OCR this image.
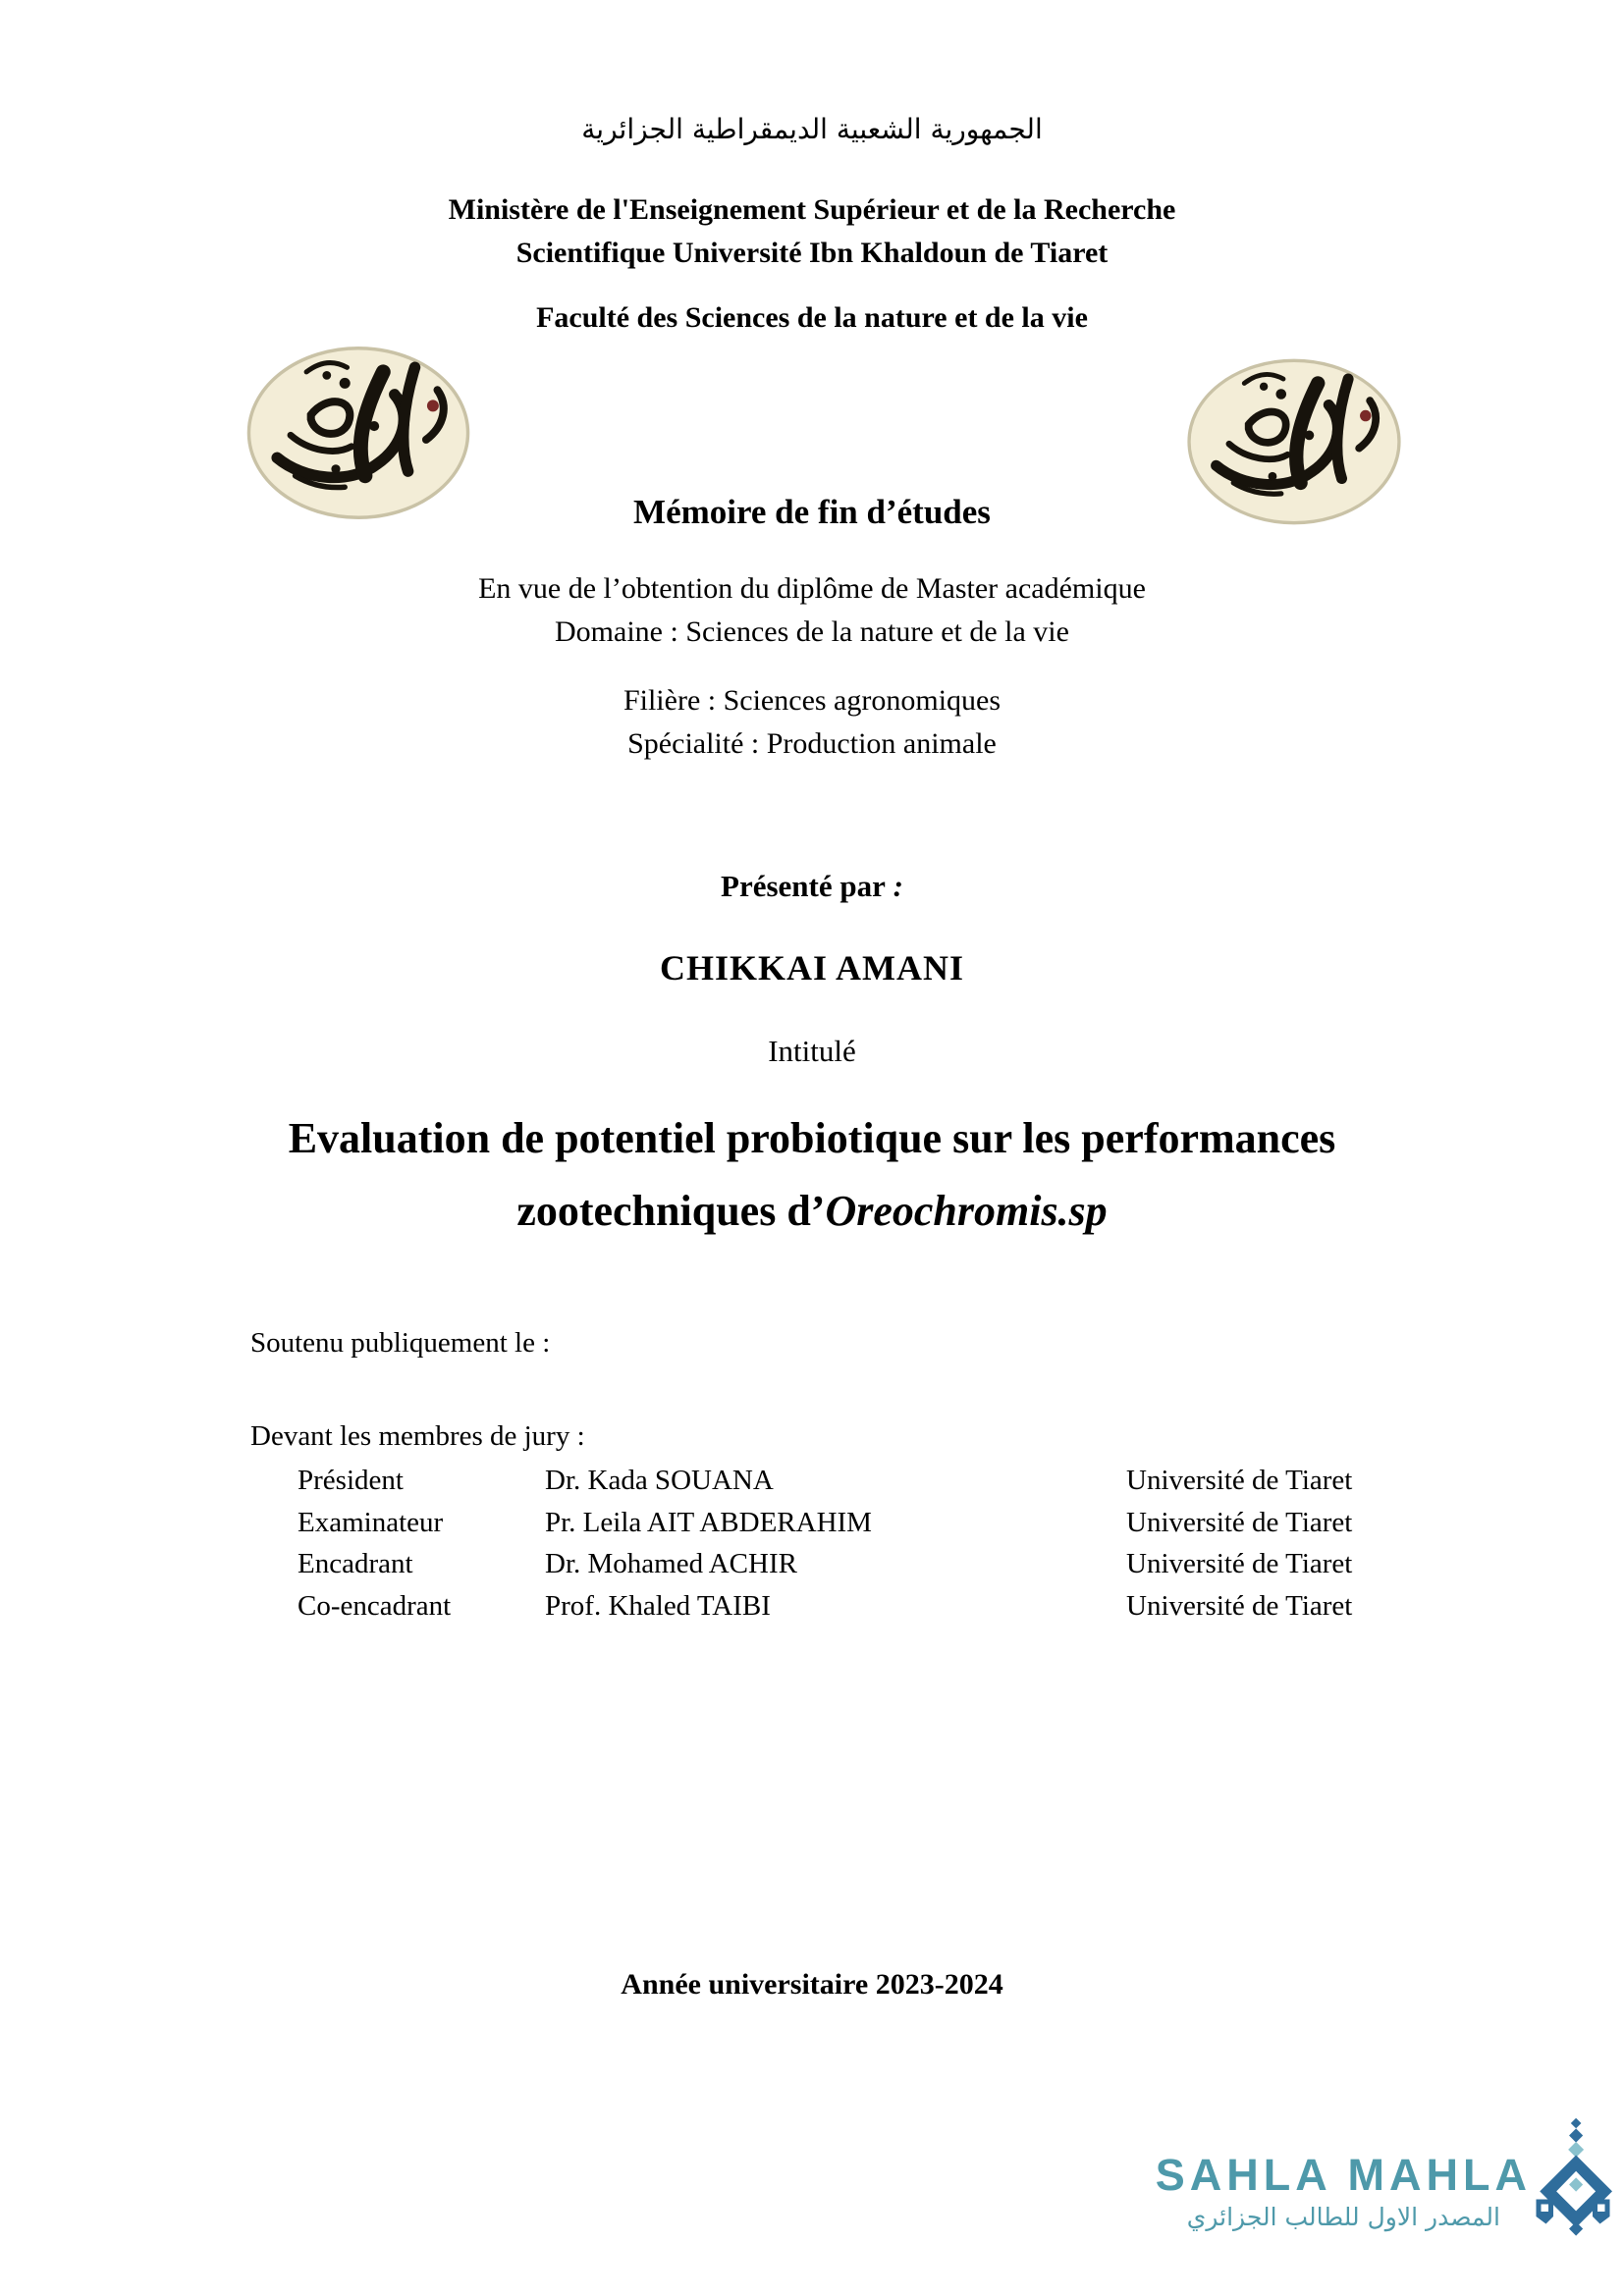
الجمهورية الشعبية الديمقراطية الجزائرية
Ministère de l'Enseignement Supérieur et de la Recherche
Scientifique Université Ibn Khaldoun de Tiaret
Faculté des Sciences de la nature et de la vie
Mémoire de fin d’études
En vue de l’obtention du diplôme de Master académique
Domaine : Sciences de la nature et de la vie
Filière : Sciences agronomiques
Spécialité : Production animale
Présenté par :
CHIKKAI AMANI
Intitulé
Evaluation de potentiel probiotique sur les performances
zootechniques d’Oreochromis.sp
Soutenu publiquement le :
Devant les membres de jury :
Président	Dr. Kada SOUANA	Université de Tiaret
Examinateur	Pr. Leila AIT ABDERAHIM	Université de Tiaret
Encadrant	Dr. Mohamed ACHIR	Université de Tiaret
Co-encadrant	Prof. Khaled TAIBI	Université de Tiaret
Année universitaire 2023-2024
SAHLA MAHLA
المصدر الاول للطالب الجزائري
